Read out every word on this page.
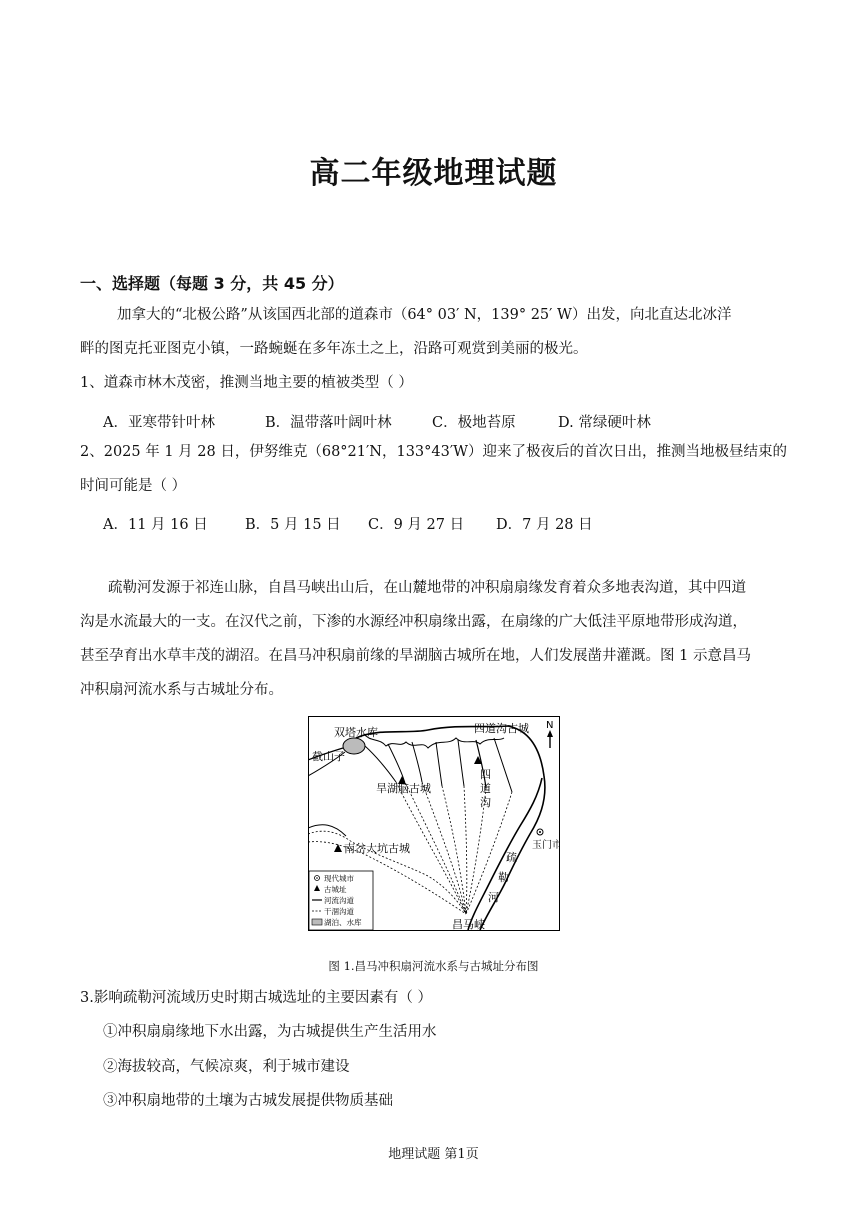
高二年级地理试题
一、选择题（每题 3 分，共 45 分）
加拿大的“北极公路”从该国西北部的道森市（64° 03′ N，139° 25′ W）出发，向北直达北冰洋
畔的图克托亚图克小镇，一路蜿蜒在多年冻土之上，沿路可观赏到美丽的极光。
1、道森市林木茂密，推测当地主要的植被类型（ ）
A．亚寒带针叶林	B．温带落叶阔叶林	C．极地苔原	D. 常绿硬叶林
2、2025 年 1 月 28 日，伊努维克（68°21′N，133°43′W）迎来了极夜后的首次日出，推测当地极昼结束的
时间可能是（ ）
A．11 月 16 日	B．5 月 15 日 C．9 月 27 日 D．7 月 28 日
疏勒河发源于祁连山脉，自昌马峡出山后，在山麓地带的冲积扇扇缘发育着众多地表沟道，其中四道
沟是水流最大的一支。在汉代之前，下渗的水源经冲积扇缘出露，在扇缘的广大低洼平原地带形成沟道，
甚至孕育出水草丰茂的湖沼。在昌马冲积扇前缘的旱湖脑古城所在地，人们发展凿井灌溉。图 1 示意昌马
冲积扇河流水系与古城址分布。
双塔水库	四道沟古城 N
截山子
旱湖脑古城
四
道
沟
玉门市
疏
勒
河
南岔大坑古城
昌马峡
现代城市
古城址
河流沟道
干涸沟道
湖泊、水库
图 1.昌马冲积扇河流水系与古城址分布图
3.影响疏勒河流域历史时期古城选址的主要因素有（ ）
①冲积扇扇缘地下水出露，为古城提供生产生活用水
②海拔较高，气候凉爽，利于城市建设
③冲积扇地带的土壤为古城发展提供物质基础
地理试题 第1页
